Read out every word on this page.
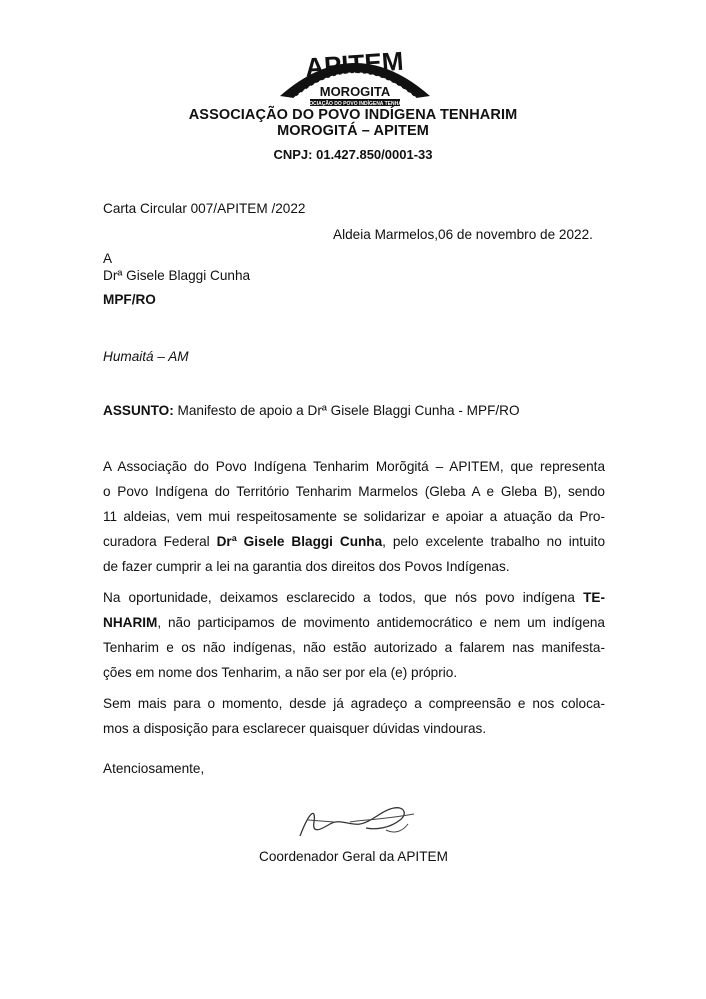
APITEM
MOROGITA
ASSOCIAÇÃO DO POVO INDÍGENA TENHARIM
ASSOCIAÇÃO DO POVO INDÍGENA TENHARIM
MOROGITÁ – APITEM
CNPJ: 01.427.850/0001-33
Carta Circular 007/APITEM /2022
Aldeia Marmelos,06 de novembro de 2022.
A
Drª Gisele Blaggi Cunha
MPF/RO
Humaitá – AM
ASSUNTO: Manifesto de apoio a Drª Gisele Blaggi Cunha - MPF/RO
A Associação do Povo Indígena Tenharim Morõgitá – APITEM, que representa
o Povo Indígena do Território Tenharim Marmelos (Gleba A e Gleba B), sendo
11 aldeias, vem mui respeitosamente se solidarizar e apoiar a atuação da Pro-
curadora Federal Drª Gisele Blaggi Cunha, pelo excelente trabalho no intuito
de fazer cumprir a lei na garantia dos direitos dos Povos Indígenas.
Na oportunidade, deixamos esclarecido a todos, que nós povo indígena TE-
NHARIM, não participamos de movimento antidemocrático e nem um indígena
Tenharim e os não indígenas, não estão autorizado a falarem nas manifesta-
ções em nome dos Tenharim, a não ser por ela (e) próprio.
Sem mais para o momento, desde já agradeço a compreensão e nos coloca-
mos a disposição para esclarecer quaisquer dúvidas vindouras.
Atenciosamente,
Coordenador Geral da APITEM
